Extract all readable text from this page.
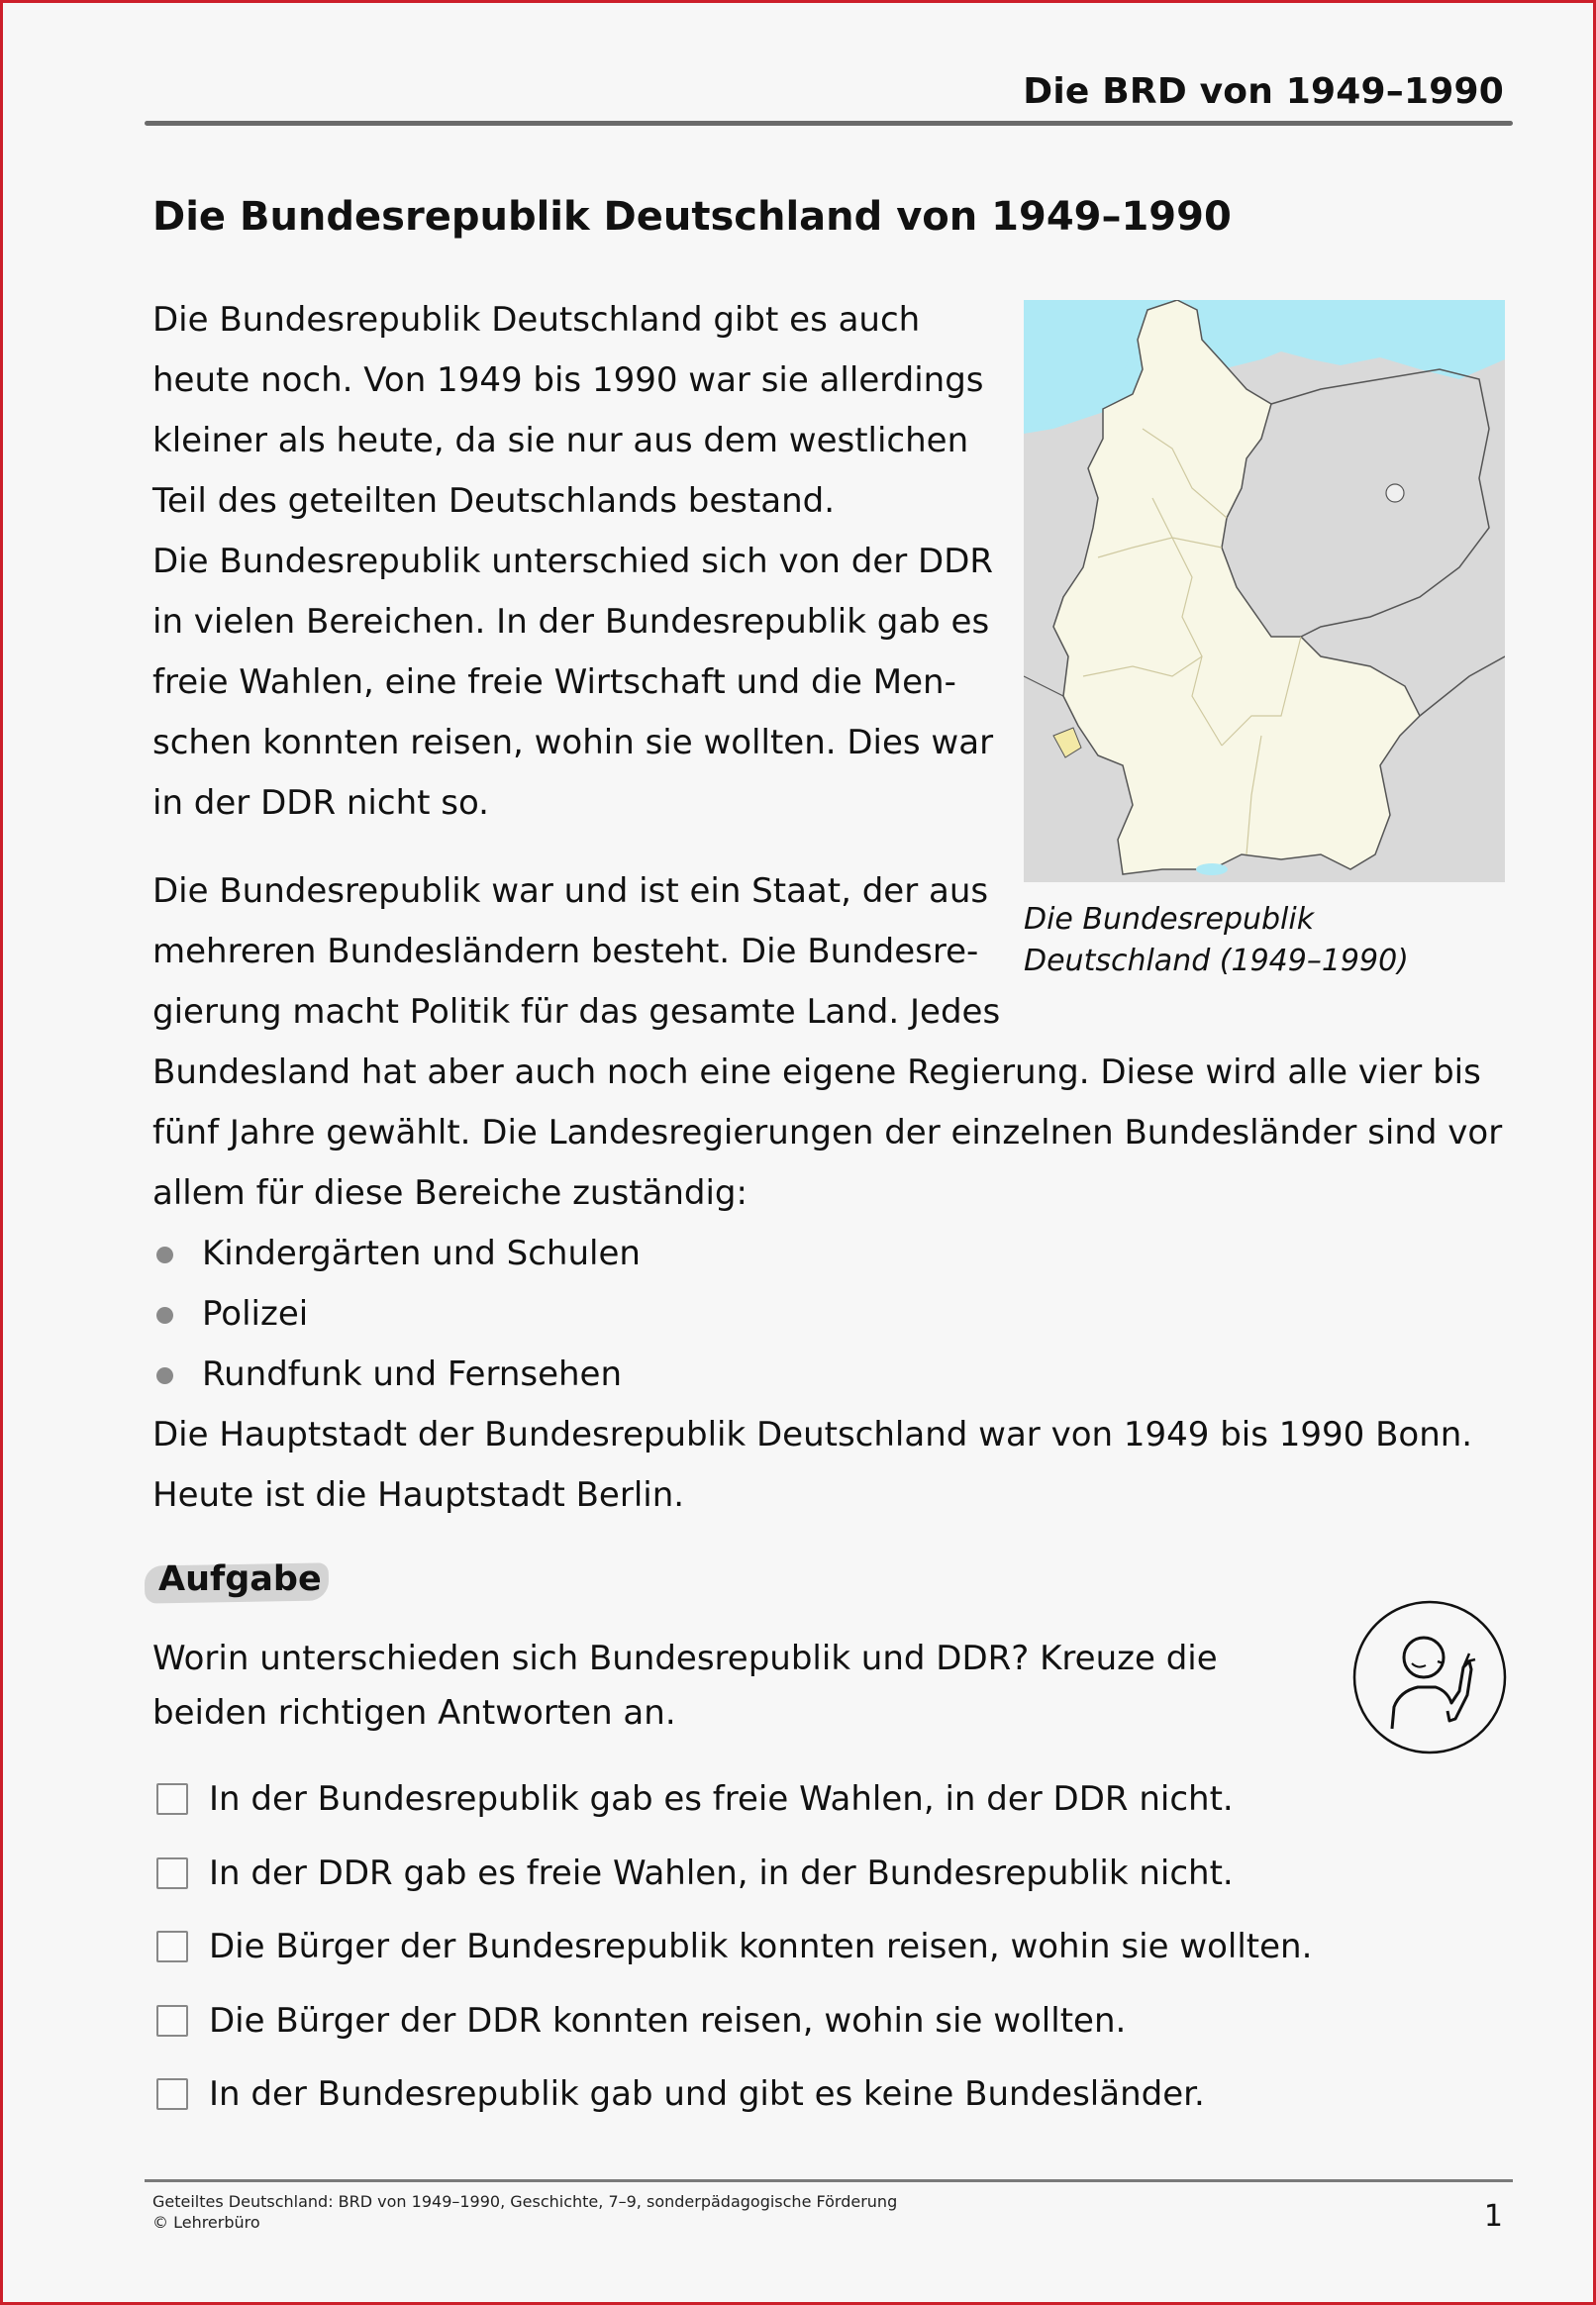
Die BRD von 1949–1990
Die Bundesrepublik Deutschland von 1949–1990

Die Bundesrepublik Deutschland gibt es auch heute noch. Von 1949 bis 1990 war sie allerdings kleiner als heute, da sie nur aus dem westlichen Teil des geteilten Deutschlands bestand.

Die Bundesrepublik unterschied sich von der DDR in vielen Bereichen. In der Bundesrepublik gab es freie Wahlen, eine freie Wirtschaft und die Menschen konnten reisen, wohin sie wollten. Dies war in der DDR nicht so.

Die Bundesrepublik Deutschland (1949–1990)

Die Bundesrepublik war und ist ein Staat, der aus mehreren Bundesländern besteht. Die Bundesregierung macht Politik für das gesamte Land. Jedes

Bundesland hat aber auch noch eine eigene Regierung. Diese wird alle vier bis fünf Jahre gewählt. Die Landesregierungen der einzelnen Bundesländer sind vor allem für diese Bereiche zuständig:

Kindergärten und Schulen
Polizei
Rundfunk und Fernsehen

Die Hauptstadt der Bundesrepublik Deutschland war von 1949 bis 1990 Bonn. Heute ist die Hauptstadt Berlin.

Aufgabe
Worin unterschieden sich Bundesrepublik und DDR? Kreuze die beiden richtigen Antworten an.
In der Bundesrepublik gab es freie Wahlen, in der DDR nicht.
In der DDR gab es freie Wahlen, in der Bundesrepublik nicht.
Die Bürger der Bundesrepublik konnten reisen, wohin sie wollten.
Die Bürger der DDR konnten reisen, wohin sie wollten.
In der Bundesrepublik gab und gibt es keine Bundesländer.
Geteiltes Deutschland: BRD von 1949–1990, Geschichte, 7–9, sonderpädagogische Förderung
© Lehrerbüro	1
